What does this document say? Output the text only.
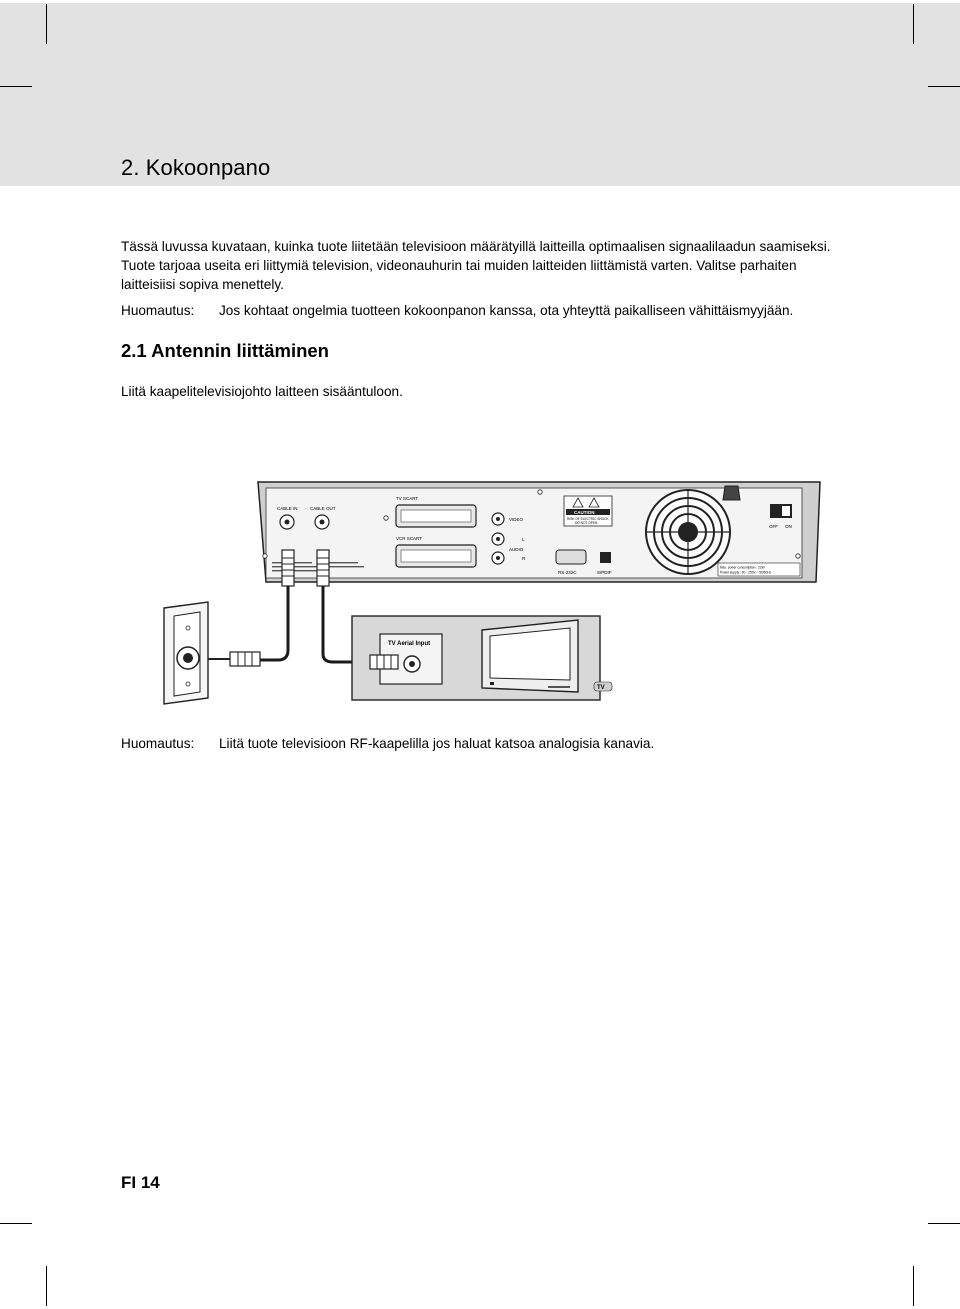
2. Kokoonpano

Tässä luvussa kuvataan, kuinka tuote liitetään televisioon määrätyillä laitteilla optimaalisen signaalilaadun saamiseksi. Tuote tarjoaa useita eri liittymiä television, videonauhurin tai muiden laitteiden liittämistä varten. Valitse parhaiten laitteisiisi sopiva menettely.

Huomautus: Jos kohtaat ongelmia tuotteen kokoonpanon kanssa, ota yhteyttä paikalliseen vähittäismyyjään.
2.1 Antennin liittäminen

Liitä kaapelitelevisiojohto laitteen sisääntuloon.

CABLE IN	CABLE OUT
TV SCART
VCR SCART
VIDEO
AUDIO
L
R
RS-232C	S/PDIF
CAUTION
RISK OF ELECTRIC SHOCK
DO NOT OPEN
OFF ON
Max. power consumption : 22W
Power supply : 90 - 250V ~ 50/60Hz
TV Aerial Input
TV
Huomautus: Liitä tuote televisioon RF-kaapelilla jos haluat katsoa analogisia kanavia.

FI 14
